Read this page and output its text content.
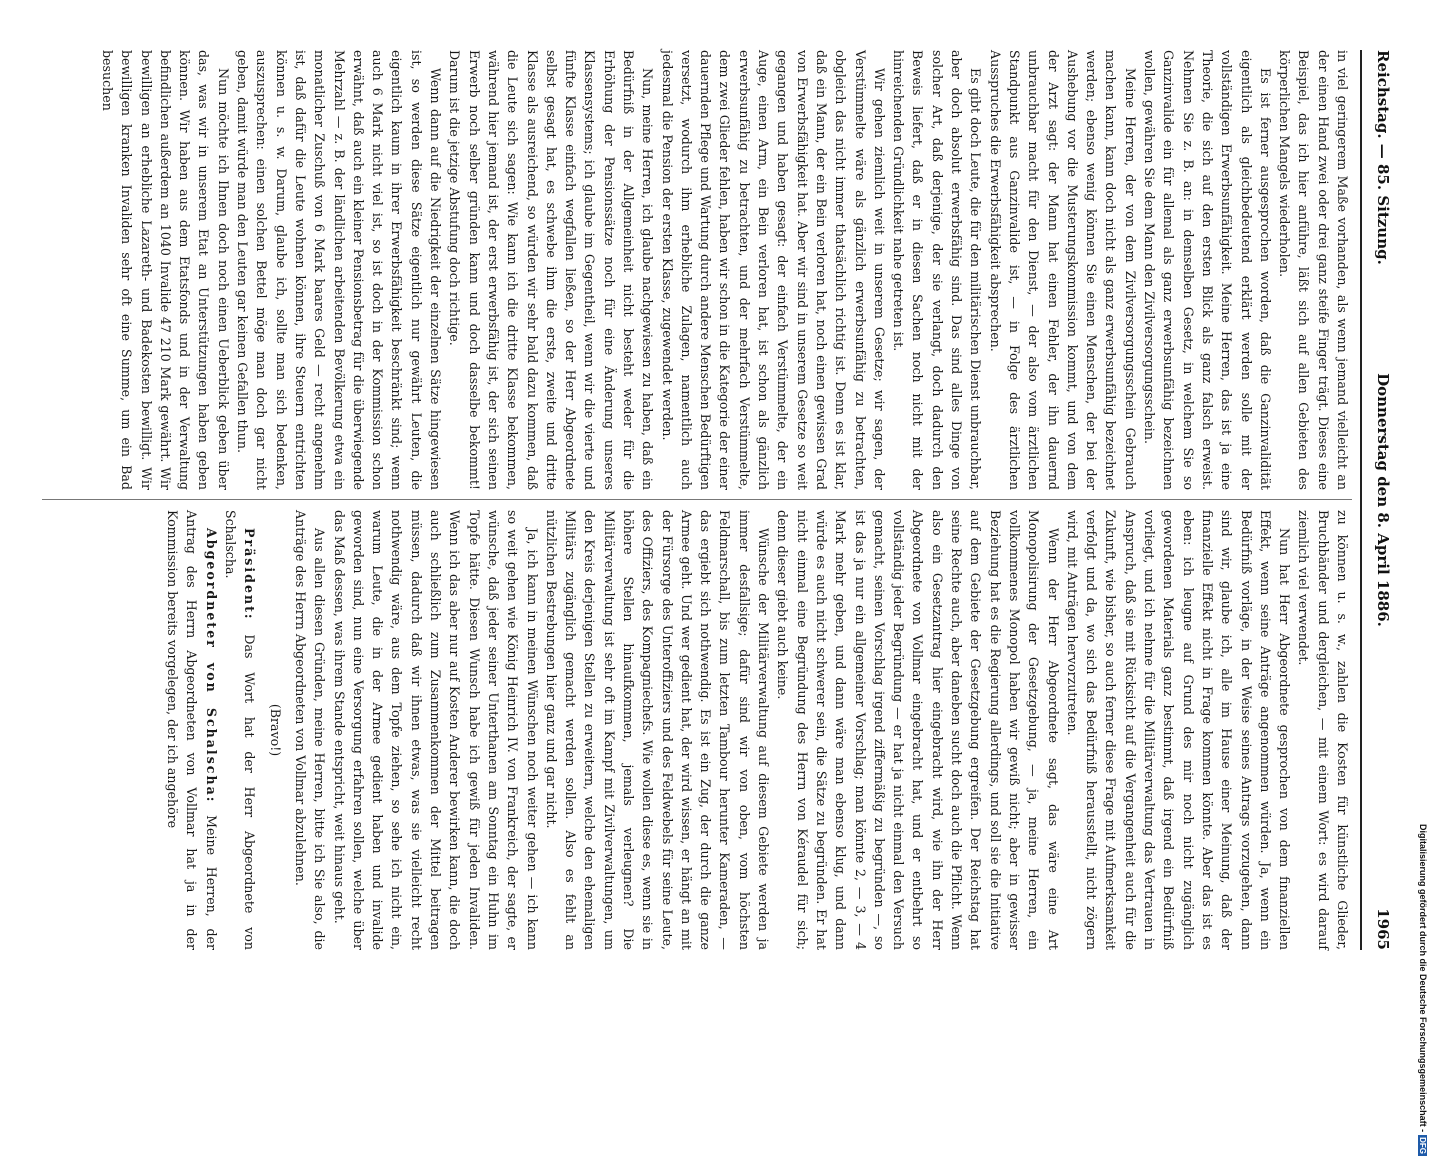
Reichstag. — 85. Sitzung.
Donnerstag den 8. April 1886.
1965

in viel geringerem Maße vorhanden, als wenn jemand vielleicht an der einen Hand zwei oder drei ganz steife Finger trägt. Dieses eine Beispiel, das ich hier anführe, läßt sich auf allen Gebieten des körperlichen Mangels wiederholen.

Es ist ferner ausgesprochen worden, daß die Ganzinvalidität eigentlich als gleichbedeutend erklärt werden solle mit der vollständigen Erwerbsunfähigkeit. Meine Herren, das ist ja eine Theorie, die sich auf den ersten Blick als ganz falsch erweist. Nehmen Sie z. B. an: in demselben Gesetz, in welchem Sie so Ganzinvalide ein für allemal als ganz erwerbsunfähig bezeichnen wollen, gewähren Sie dem Mann den Zivilversorgungsschein.

Meine Herren, der von dem Zivilversorgungsschein Gebrauch machen kann, kann doch nicht als ganz erwerbsunfähig bezeichnet werden; ebenso wenig können Sie einen Menschen, der bei der Aushebung vor die Musterungskommission kommt, und von dem der Arzt sagt: der Mann hat einen Fehler, der ihn dauernd unbrauchbar macht für den Dienst, — der also vom ärztlichen Standpunkt aus Ganzinvalide ist, — in Folge des ärztlichen Ausspruches die Erwerbsfähigkeit absprechen.

Es gibt doch Leute, die für den militärischen Dienst unbrauchbar, aber doch absolut erwerbsfähig sind. Das sind alles Dinge von solcher Art, daß derjenige, der sie verlangt, doch dadurch den Beweis liefert, daß er in diesen Sachen noch nicht mit der hinreichenden Gründlichkeit nahe getreten ist.

Wir gehen ziemlich weit in unserem Gesetze; wir sagen, der Verstümmelte wäre als gänzlich erwerbsunfähig zu betrachten, obgleich das nicht immer thatsächlich richtig ist. Denn es ist klar, daß ein Mann, der ein Bein verloren hat, noch einen gewissen Grad von Erwerbsfähigkeit hat. Aber wir sind in unserem Gesetze so weit gegangen und haben gesagt: der einfach Verstümmelte, der ein Auge, einen Arm, ein Bein verloren hat, ist schon als gänzlich erwerbsunfähig zu betrachten, und der mehrfach Verstümmelte, dem zwei Glieder fehlen, haben wir schon in die Kategorie der einer dauernden Pflege und Wartung durch andere Menschen Bedürftigen versetzt, wodurch ihm erhebliche Zulagen, namentlich auch jedesmal die Pension der ersten Klasse, zugewendet werden.

Nun, meine Herren, ich glaube nachgewiesen zu haben, daß ein Bedürfniß in der Allgemeinheit nicht besteht weder für die Erhöhung der Pensionssätze noch für eine Änderung unseres Klassensystems; ich glaube im Gegentheil, wenn wir die vierte und fünfte Klasse einfach wegfallen ließen, so der Herr Abgeordnete selbst gesagt hat, es schwebe ihm die erste, zweite und dritte Klasse als ausreichend, so würden wir sehr bald dazu kommen, daß die Leute sich sagen: Wie kann ich die dritte Klasse bekommen, während hier jemand ist, der erst erwerbsfähig ist, der sich seinen Erwerb noch selber gründen kann und doch dasselbe bekommt! Darum ist die jetzige Abstufung doch richtige.

Wenn dann auf die Niedrigkeit der einzelnen Sätze hingewiesen ist, so werden diese Sätze eigentlich nur gewährt Leuten, die eigentlich kaum in ihrer Erwerbsfähigkeit beschränkt sind; wenn auch 6 Mark nicht viel ist, so ist doch in der Kommission schon erwähnt, daß auch ein kleiner Pensionsbetrag für die überwiegende Mehrzahl — z. B. der ländlichen arbeitenden Bevölkerung etwa ein monatlicher Zuschuß von 6 Mark baares Geld — recht angenehm ist, daß dafür die Leute wohnen können, ihre Steuern entrichten können u. s. w. Darum, glaube ich, sollte man sich bedenken, auszusprechen: einen solchen Bettel möge man doch gar nicht geben, damit würde man den Leuten gar keinen Gefallen thun.

Nun möchte ich Ihnen doch noch einen Ueberblick geben über das, was wir in unserem Etat an Unterstützungen haben geben können. Wir haben aus dem Etatsfonds und in der Verwaltung befindlichen außerdem an 1040 Invalide 47 210 Mark gewährt. Wir bewilligen an erhebliche Lazareth- und Badekosten bewilligt. Wir bewilligen kranken Invaliden sehr oft eine Summe, um ein Bad besuchen

zu können u. s. w., zahlen die Kosten für künstliche Glieder, Bruchbänder und dergleichen, — mit einem Wort: es wird darauf ziemlich viel verwendet.

Nun hat Herr Abgeordnete gesprochen von dem finanziellen Effekt, wenn seine Anträge angenommen würden. Ja, wenn ein Bedürfniß vorläge, in der Weise seines Antrags vorzugehen, dann sind wir, glaube ich, alle im Hause einer Meinung, daß der finanzielle Effekt nicht in Frage kommen könnte. Aber das ist es eben: ich leugne auf Grund des mir noch nicht zugänglich gewordenen Materials ganz bestimmt, daß irgend ein Bedürfniß vorliegt, und ich nehme für die Militärverwaltung das Vertrauen in Anspruch, daß sie mit Rücksicht auf die Vergangenheit auch für die Zukunft, wie bisher, so auch ferner diese Frage mit Aufmerksamkeit verfolgt und da, wo sich das Bedürfniß herausstellt, nicht zögern wird, mit Anträgen hervorzutreten.

Wenn der Herr Abgeordnete sagt, das wäre eine Art Monopolisirung der Gesetzgebung, — ja, meine Herren, ein vollkommenes Monopol haben wir gewiß nicht; aber in gewisser Beziehung hat es die Regierung allerdings, und soll sie die Initiative auf dem Gebiete der Gesetzgebung ergreifen. Der Reichstag hat seine Rechte auch, aber daneben sucht doch auch die Pflicht. Wenn also ein Gesetzantrag hier eingebracht wird, wie ihn der Herr Abgeordnete von Vollmar eingebracht hat, und er entbehrt so vollständig jeder Begründung — er hat ja nicht einmal den Versuch gemacht, seinen Vorschlag irgend ziffermäßig zu begründen —, so ist das ja nur ein allgemeiner Vorschlag; man könnte 2, — 3, — 4 Mark mehr geben, und dann wäre man ebenso klug, und dann würde es auch nicht schwerer sein, die Sätze zu begründen. Er hat nicht einmal eine Begründung des Herrn von Kéraudel für sich; denn dieser giebt auch keine.

Wünsche der Militärverwaltung auf diesem Gebiete werden ja immer desfallsige; dafür sind wir von oben, vom höchsten Feldmarschall, bis zum letzten Tambour herunter Kameraden, — das ergiebt sich nothwendig. Es ist ein Zug, der durch die ganze Armee geht. Und wer gedient hat, der wird wissen, er hängt an mit der Fürsorge des Unteroffiziers und des Feldwebels für seine Leute, des Offiziers, des Kompagniechefs. Wie wollen diese es, wenn sie in höhere Stellen hinaufkommen, jemals verleugnen? Die Militärverwaltung ist sehr oft im Kampf mit Zivilverwaltungen, um den Kreis derjenigen Stellen zu erweitern, welche den ehemaligen Militärs zugänglich gemacht werden sollen. Also es fehlt an nützlichen Bestrebungen hier ganz und gar nicht.

Ja, ich kann in meinen Wünschen noch weiter gehen — ich kann so weit gehen wie König Heinrich IV. von Frankreich, der sagte, er wünsche, daß jeder seiner Unterthanen am Sonntag ein Huhn im Topfe hätte. Diesen Wunsch habe ich gewiß für jeden Invaliden. Wenn ich das aber nur auf Kosten Anderer bewirken kann, die doch auch schließlich zum Zusammenkommen der Mittel beitragen müssen, dadurch daß wir ihnen etwas, was sie vielleicht recht nothwendig wäre, aus dem Topfe ziehen, so sehe ich nicht ein, warum Leute, die in der Armee gedient haben und invalide geworden sind, nun eine Versorgung erfahren sollen, welche über das Maß dessen, was ihrem Stande entspricht, weit hinaus geht.

Aus allen diesen Gründen, meine Herren, bitte ich Sie also, die Anträge des Herrn Abgeordneten von Vollmar abzulehnen.

(Bravo!)

Präsident: Das Wort hat der Herr Abgeordnete von Schalscha.

Abgeordneter von Schalscha: Meine Herren, der Antrag des Herrn Abgeordneten von Vollmar hat ja in der Kommission bereits vorgelegen, der ich angehöre

Digitalisierung gefördert durch die Deutsche Forschungsgemeinschaft -DFG
